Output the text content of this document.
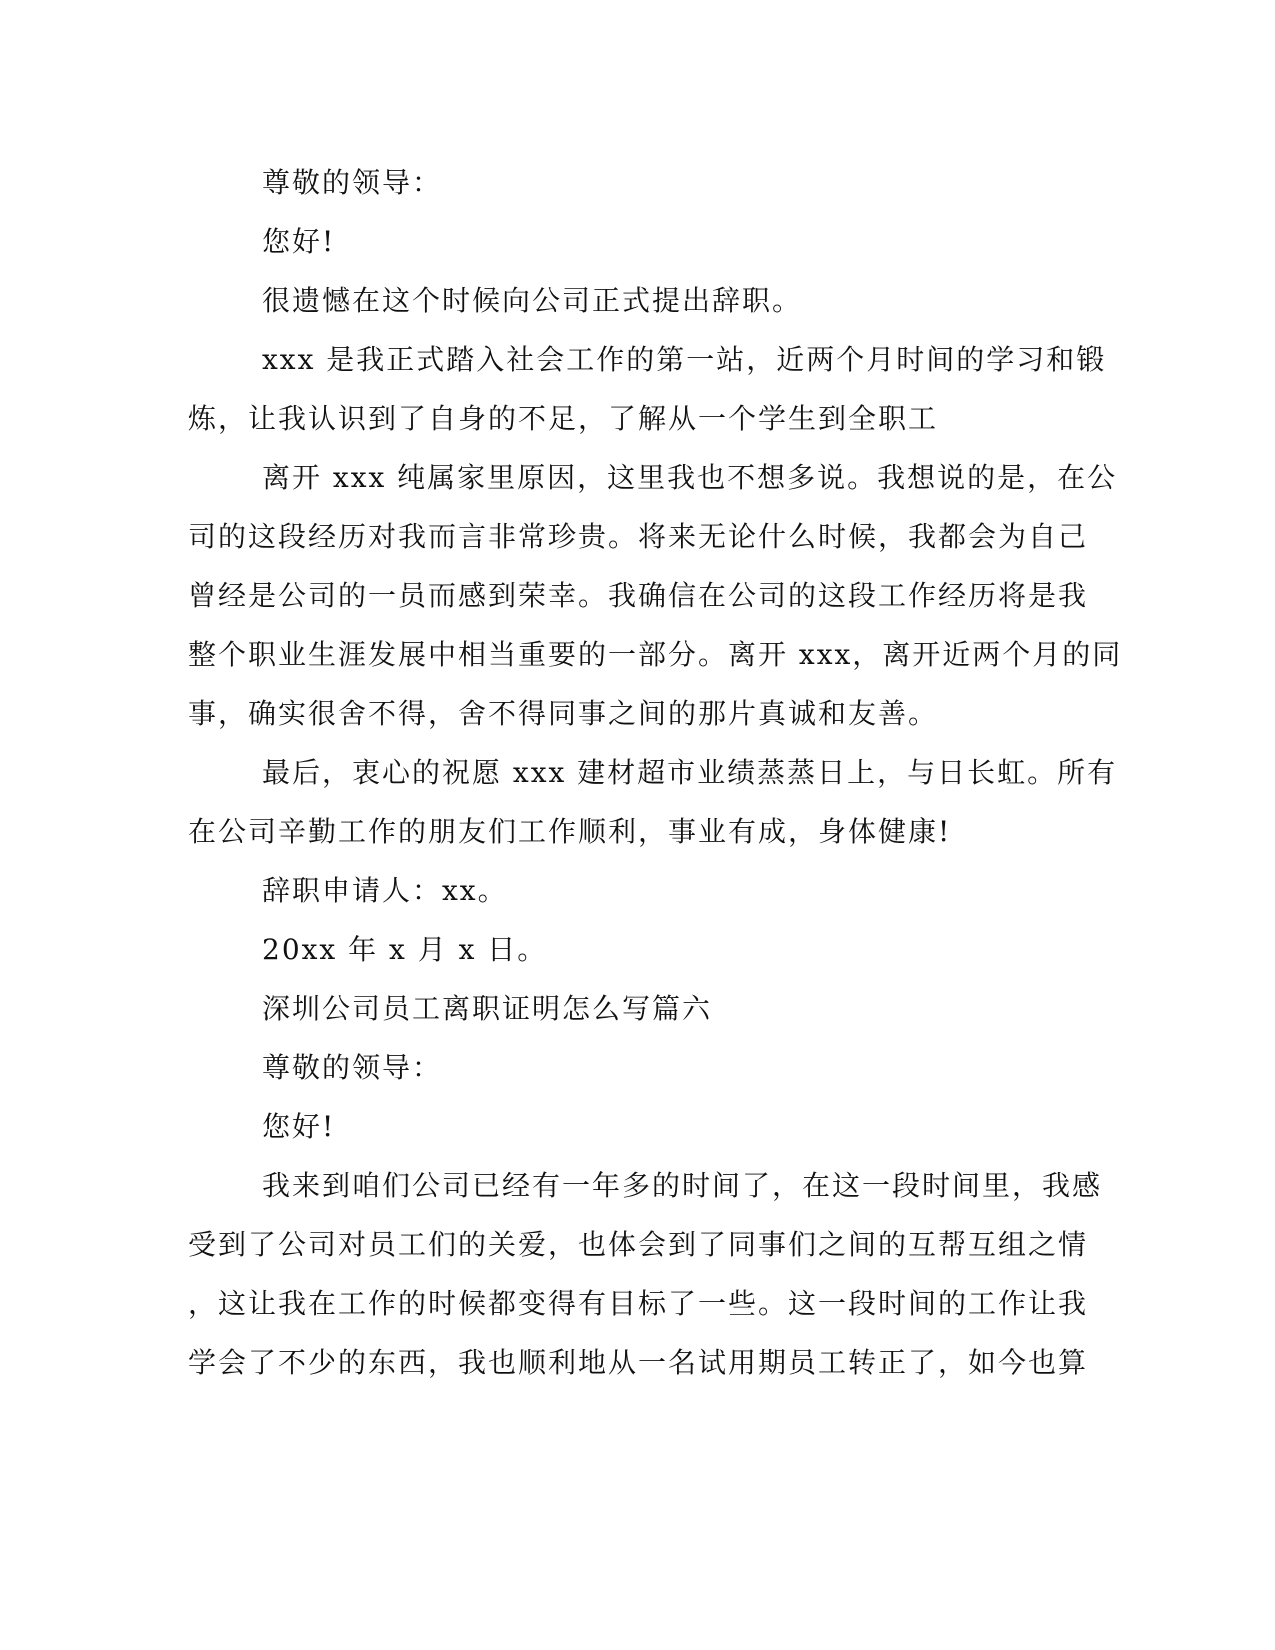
尊敬的领导：
您好!
很遗憾在这个时候向公司正式提出辞职。
xxx 是我正式踏入社会工作的第一站，近两个月时间的学习和锻
炼，让我认识到了自身的不足，了解从一个学生到全职工
离开 xxx 纯属家里原因，这里我也不想多说。我想说的是，在公
司的这段经历对我而言非常珍贵。将来无论什么时候，我都会为自己
曾经是公司的一员而感到荣幸。我确信在公司的这段工作经历将是我
整个职业生涯发展中相当重要的一部分。离开 xxx，离开近两个月的同
事，确实很舍不得，舍不得同事之间的那片真诚和友善。
最后，衷心的祝愿 xxx 建材超市业绩蒸蒸日上，与日长虹。所有
在公司辛勤工作的朋友们工作顺利，事业有成，身体健康!
辞职申请人：xx。
20xx 年 x 月 x 日。
深圳公司员工离职证明怎么写篇六
尊敬的领导：
您好!
我来到咱们公司已经有一年多的时间了，在这一段时间里，我感
受到了公司对员工们的关爱，也体会到了同事们之间的互帮互组之情
，这让我在工作的时候都变得有目标了一些。这一段时间的工作让我
学会了不少的东西，我也顺利地从一名试用期员工转正了，如今也算
